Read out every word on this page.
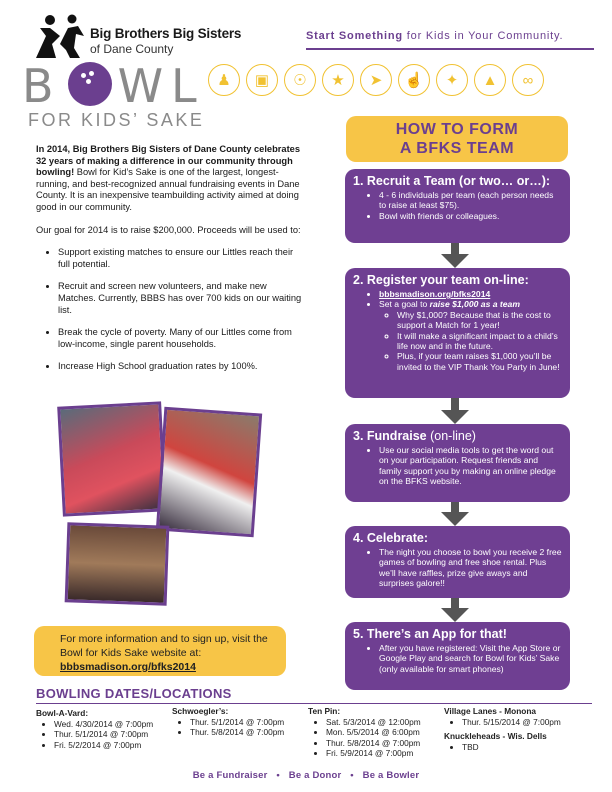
Big Brothers Big Sisters
of Dane County
Start Something for Kids in Your Community.
B WL
FOR KIDS’ SAKE
♟	▣	☉	★	➤	☝	✦	▲	∞

In 2014, Big Brothers Big Sisters of Dane County celebrates 32 years of making a difference in our community through bowling! Bowl for Kid’s Sake is one of the largest, longest-running, and best-recognized annual fundraising events in Dane County. It is an inexpensive teambuilding activity aimed at doing good in our community.

Our goal for 2014 is to raise $200,000. Proceeds will be used to:

• Support existing matches to ensure our Littles reach their full potential.
• Recruit and screen new volunteers, and make new Matches. Currently, BBBS has over 700 kids on our waiting list.
• Break the cycle of poverty. Many of our Littles come from low-income, single parent households.
• Increase High School graduation rates by 100%.
For more information and to sign up, visit the Bowl for Kids Sake website at:
bbbsmadison.org/bfks2014
HOW TO FORM
A BFKS TEAM
1. Recruit a Team (or two… or…):
• 4 - 6 individuals per team (each person needs to raise at least $75).
• Bowl with friends or colleagues.
2. Register your team on-line:
• bbbsmadison.org/bfks2014
• Set a goal to raise $1,000 as a team
◦ Why $1,000? Because that is the cost to support a Match for 1 year!
◦ It will make a significant impact to a child’s life now and in the future.
◦ Plus, if your team raises $1,000 you’ll be invited to the VIP Thank You Party in June!
3. Fundraise (on-line)
• Use our social media tools to get the word out on your participation. Request friends and family support you by making an online pledge on the BFKS website.
4. Celebrate:
• The night you choose to bowl you receive 2 free games of bowling and free shoe rental. Plus we’ll have raffles, prize give aways and surprises galore!!
5. There’s an App for that!
• After you have registered: Visit the App Store or Google Play and search for Bowl for Kids’ Sake (only available for smart phones)
BOWLING DATES/LOCATIONS
Bowl-A-Vard:
• Wed. 4/30/2014 @ 7:00pm
• Thur. 5/1/2014 @ 7:00pm
• Fri. 5/2/2014 @ 7:00pm
Schwoegler’s:
• Thur. 5/1/2014 @ 7:00pm
• Thur. 5/8/2014 @ 7:00pm
Ten Pin:
• Sat. 5/3/2014 @ 12:00pm
• Mon. 5/5/2014 @ 6:00pm
• Thur. 5/8/2014 @ 7:00pm
• Fri. 5/9/2014 @ 7:00pm
Village Lanes - Monona
• Thur. 5/15/2014 @ 7:00pm
Knuckleheads - Wis. Dells
• TBD
Be a Fundraiser • Be a Donor • Be a Bowler
